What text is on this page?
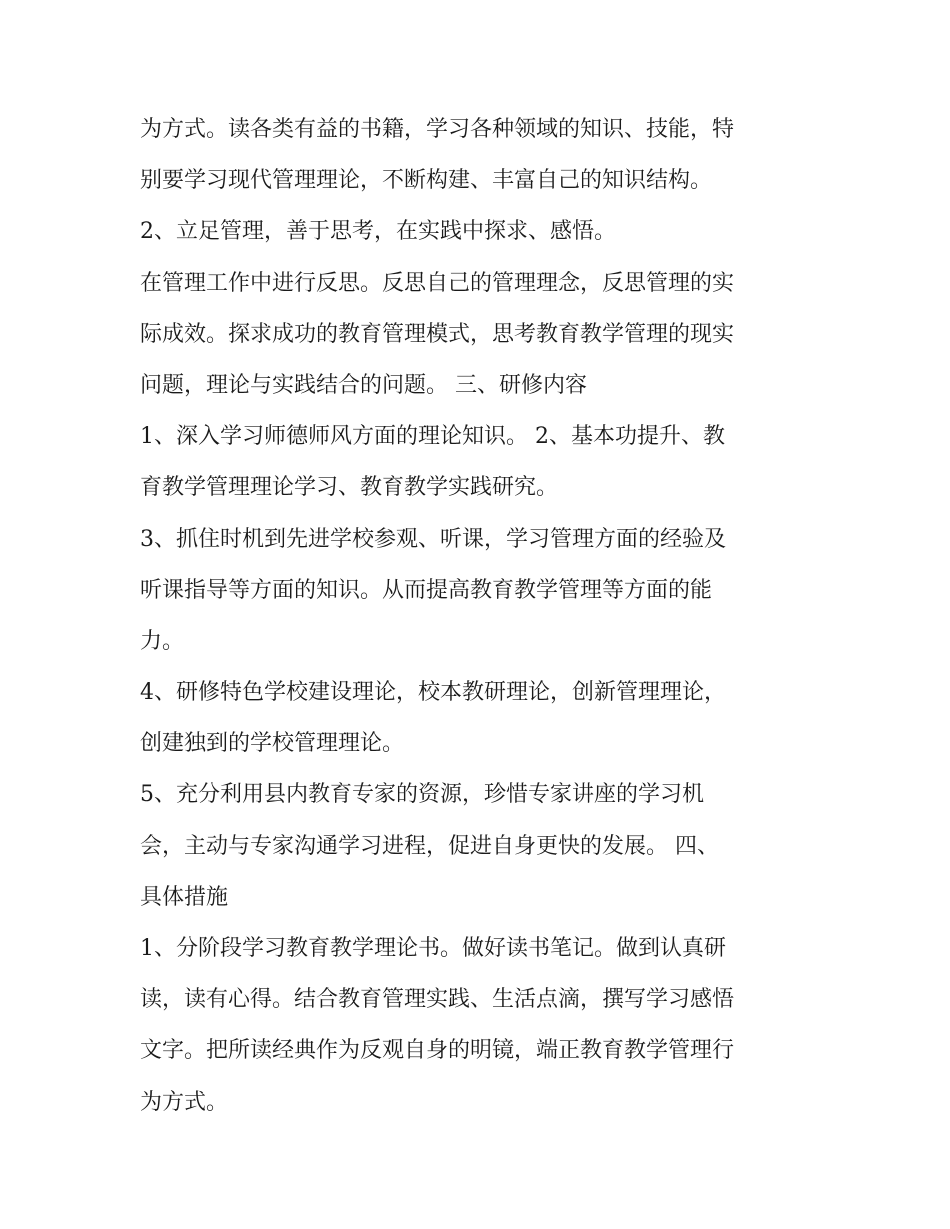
为方式。读各类有益的书籍，学习各种领域的知识、技能，特
别要学习现代管理理论，不断构建、丰富自己的知识结构。
2、立足管理，善于思考，在实践中探求、感悟。
在管理工作中进行反思。反思自己的管理理念，反思管理的实
际成效。探求成功的教育管理模式，思考教育教学管理的现实
问题，理论与实践结合的问题。 三、研修内容
1、深入学习师德师风方面的理论知识。 2、基本功提升、教
育教学管理理论学习、教育教学实践研究。
3、抓住时机到先进学校参观、听课，学习管理方面的经验及
听课指导等方面的知识。从而提高教育教学管理等方面的能
力。
4、研修特色学校建设理论，校本教研理论，创新管理理论，
创建独到的学校管理理论。
5、充分利用县内教育专家的资源，珍惜专家讲座的学习机
会，主动与专家沟通学习进程，促进自身更快的发展。 四、
具体措施
1、分阶段学习教育教学理论书。做好读书笔记。做到认真研
读，读有心得。结合教育管理实践、生活点滴，撰写学习感悟
文字。把所读经典作为反观自身的明镜，端正教育教学管理行
为方式。
